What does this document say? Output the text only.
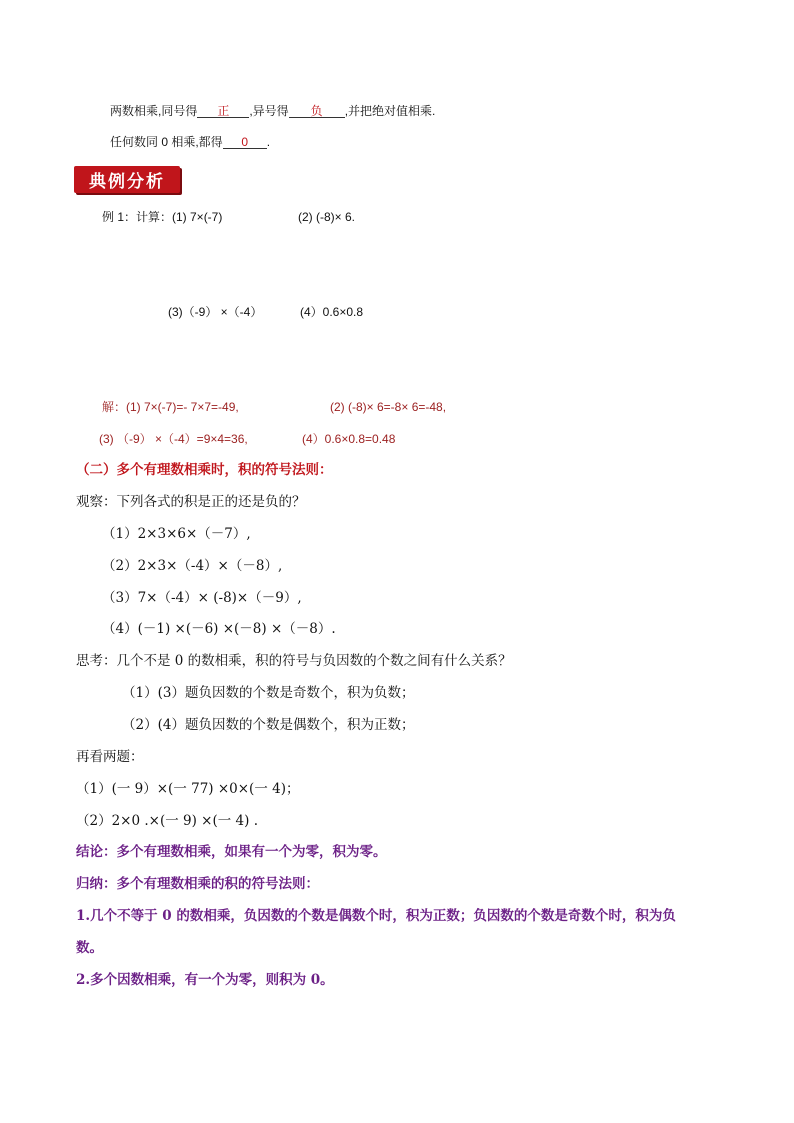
两数相乘,同号得 正 ,异号得 负 ,并把绝对值相乘.
任何数同 0 相乘,都得 0 .
典例分析
例 1：计算：(1) 7×(-7)	(2) (-8)× 6.
(3)（-9） ×（-4）	(4）0.6×0.8
解：(1) 7×(-7)=- 7×7=-49,	(2) (-8)× 6=-8× 6=-48,
(3) （-9） ×（-4）=9×4=36,	(4）0.6×0.8=0.48
（二）多个有理数相乘时，积的符号法则：
观察：下列各式的积是正的还是负的？
（1）2×3×6×（－7）,
（2）2×3×（-4）×（－8）,
（3）7×（-4）× (-8)×（－9）,
（4）(－1) ×(－6) ×(－8) ×（－8）.
思考：几个不是 0 的数相乘，积的符号与负因数的个数之间有什么关系？
（1）(3）题负因数的个数是奇数个，积为负数；
（2）(4）题负因数的个数是偶数个，积为正数；
再看两题：
（1）(一 9）×(一 77) ×0×(一 4)；
（2）2×0 .×(一 9) ×(一 4) .
结论：多个有理数相乘，如果有一个为零，积为零。
归纳：多个有理数相乘的积的符号法则：
1.几个不等于 0 的数相乘，负因数的个数是偶数个时，积为正数；负因数的个数是奇数个时，积为负
数。
2.多个因数相乘，有一个为零，则积为 0。
